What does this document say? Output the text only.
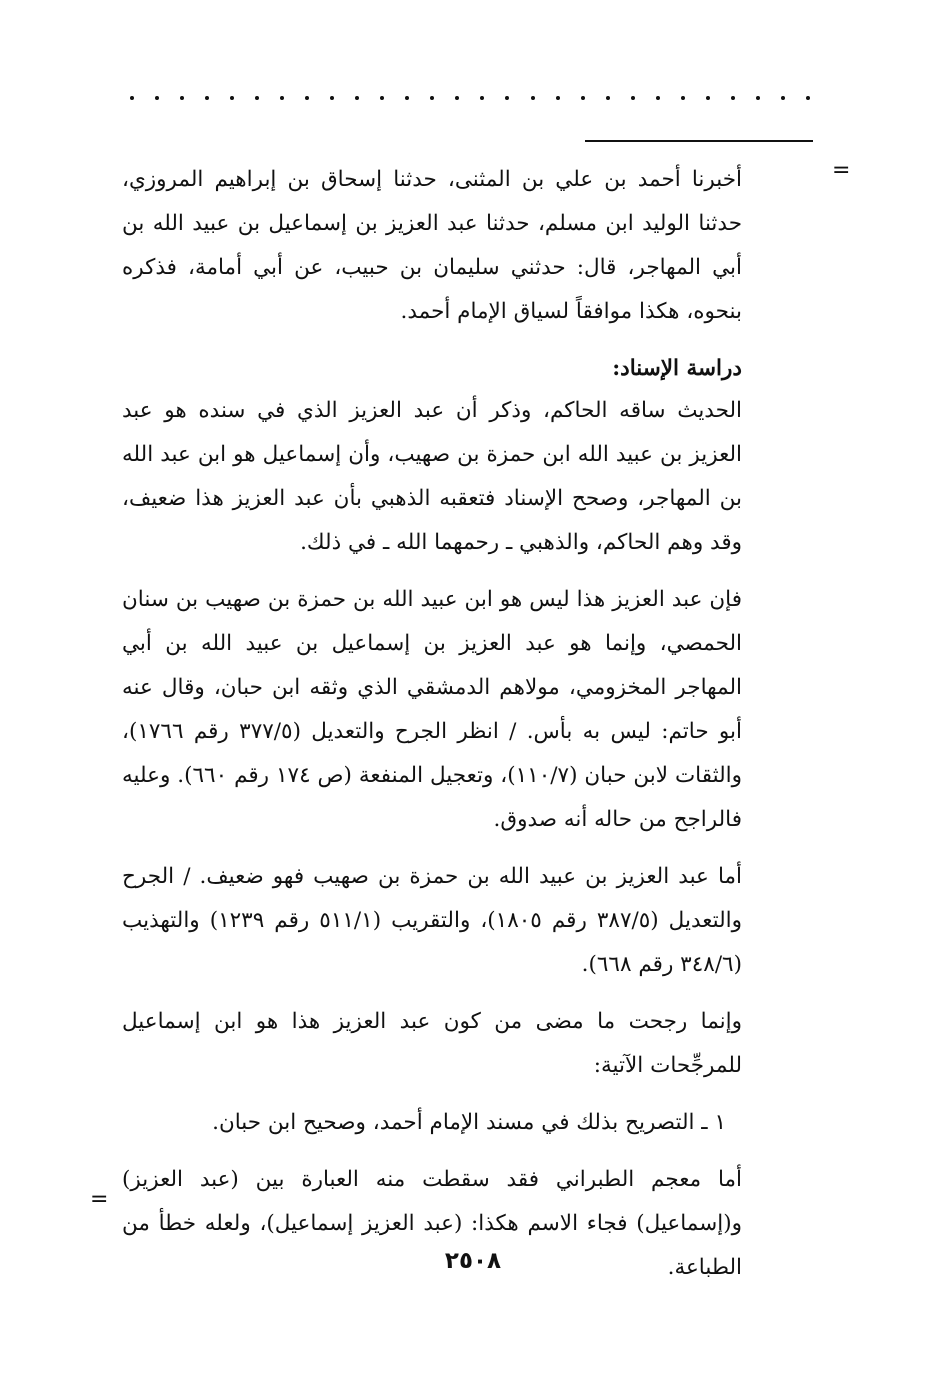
=

أخبرنا أحمد بن علي بن المثنى، حدثنا إسحاق بن إبراهيم المروزي، حدثنا الوليد ابن مسلم، حدثنا عبد العزيز بن إسماعيل بن عبيد الله بن أبي المهاجر، قال: حدثني سليمان بن حبيب، عن أبي أمامة، فذكره بنحوه، هكذا موافقاً لسياق الإمام أحمد.

دراسة الإسناد:

الحديث ساقه الحاكم، وذكر أن عبد العزيز الذي في سنده هو عبد العزيز بن عبيد الله ابن حمزة بن صهيب، وأن إسماعيل هو ابن عبد الله بن المهاجر، وصحح الإسناد فتعقبه الذهبي بأن عبد العزيز هذا ضعيف، وقد وهم الحاكم، والذهبي ـ رحمهما الله ـ في ذلك.

فإن عبد العزيز هذا ليس هو ابن عبيد الله بن حمزة بن صهيب بن سنان الحمصي، وإنما هو عبد العزيز بن إسماعيل بن عبيد الله بن أبي المهاجر المخزومي، مولاهم الدمشقي الذي وثقه ابن حبان، وقال عنه أبو حاتم: ليس به بأس. / انظر الجرح والتعديل (٣٧٧/٥ رقم ١٧٦٦)، والثقات لابن حبان (١١٠/٧)، وتعجيل المنفعة (ص ١٧٤ رقم ٦٦٠). وعليه فالراجح من حاله أنه صدوق.

أما عبد العزيز بن عبيد الله بن حمزة بن صهيب فهو ضعيف. / الجرح والتعديل (٣٨٧/٥ رقم ١٨٠٥)، والتقريب (٥١١/١ رقم ١٢٣٩) والتهذيب (٣٤٨/٦ رقم ٦٦٨).

وإنما رجحت ما مضى من كون عبد العزيز هذا هو ابن إسماعيل للمرجِّحات الآتية:

١ ـ التصريح بذلك في مسند الإمام أحمد، وصحيح ابن حبان.

أما معجم الطبراني فقد سقطت منه العبارة بين (عبد العزيز) و(إسماعيل) فجاء الاسم هكذا: (عبد العزيز إسماعيل)، ولعله خطأ من الطباعة.

=
٢٥٠٨
